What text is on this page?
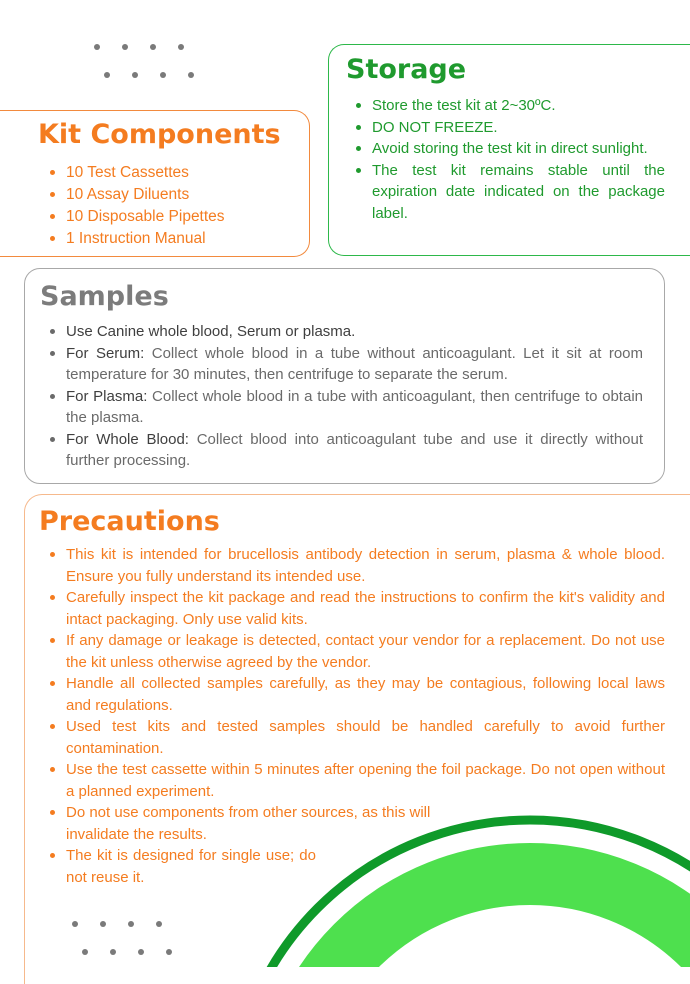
Kit Components
10 Test Cassettes
10 Assay Diluents
10 Disposable Pipettes
1 Instruction Manual
Storage
Store the test kit at 2~30ºC.
DO NOT FREEZE.
Avoid storing the test kit in direct sunlight.
The test kit remains stable until the expiration date indicated on the package label.
Samples
Use Canine whole blood, Serum or plasma.
For Serum: Collect whole blood in a tube without anticoagulant. Let it sit at room temperature for 30 minutes, then centrifuge to separate the serum.
For Plasma: Collect whole blood in a tube with anticoagulant, then centrifuge to obtain the plasma.
For Whole Blood: Collect blood into anticoagulant tube and use it directly without further processing.
Precautions
This kit is intended for brucellosis antibody detection in serum, plasma & whole blood. Ensure you fully understand its intended use.
Carefully inspect the kit package and read the instructions to confirm the kit's validity and intact packaging. Only use valid kits.
If any damage or leakage is detected, contact your vendor for a replacement. Do not use the kit unless otherwise agreed by the vendor.
Handle all collected samples carefully, as they may be contagious, following local laws and regulations.
Used test kits and tested samples should be handled carefully to avoid further contamination.
Use the test cassette within 5 minutes after opening the foil package. Do not open without a planned experiment.
Do not use components from other sources, as this will invalidate the results.
The kit is designed for single use; do not reuse it.
